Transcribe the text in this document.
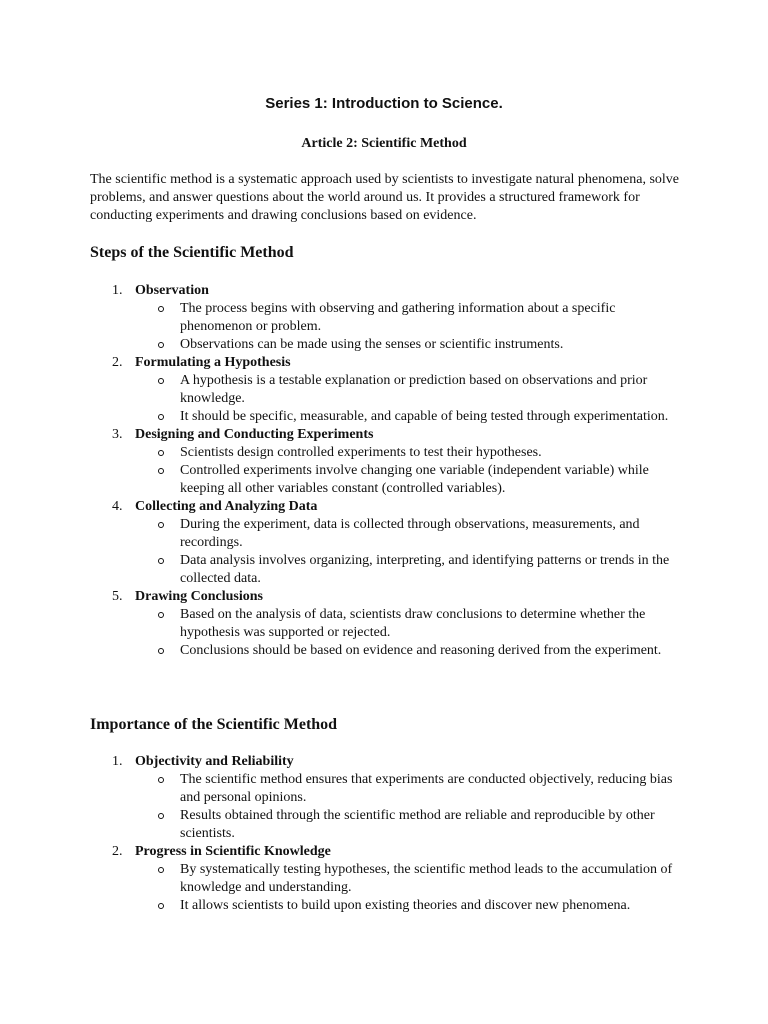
Series 1: Introduction to Science.
Article 2: Scientific Method

The scientific method is a systematic approach used by scientists to investigate natural phenomena, solve problems, and answer questions about the world around us. It provides a structured framework for conducting experiments and drawing conclusions based on evidence.

Steps of the Scientific Method
1. Observation
The process begins with observing and gathering information about a specific phenomenon or problem.
Observations can be made using the senses or scientific instruments.
2. Formulating a Hypothesis
A hypothesis is a testable explanation or prediction based on observations and prior knowledge.
It should be specific, measurable, and capable of being tested through experimentation.
3. Designing and Conducting Experiments
Scientists design controlled experiments to test their hypotheses.
Controlled experiments involve changing one variable (independent variable) while keeping all other variables constant (controlled variables).
4. Collecting and Analyzing Data
During the experiment, data is collected through observations, measurements, and recordings.
Data analysis involves organizing, interpreting, and identifying patterns or trends in the collected data.
5. Drawing Conclusions
Based on the analysis of data, scientists draw conclusions to determine whether the hypothesis was supported or rejected.
Conclusions should be based on evidence and reasoning derived from the experiment.
Importance of the Scientific Method
1. Objectivity and Reliability
The scientific method ensures that experiments are conducted objectively, reducing bias and personal opinions.
Results obtained through the scientific method are reliable and reproducible by other scientists.
2. Progress in Scientific Knowledge
By systematically testing hypotheses, the scientific method leads to the accumulation of knowledge and understanding.
It allows scientists to build upon existing theories and discover new phenomena.
